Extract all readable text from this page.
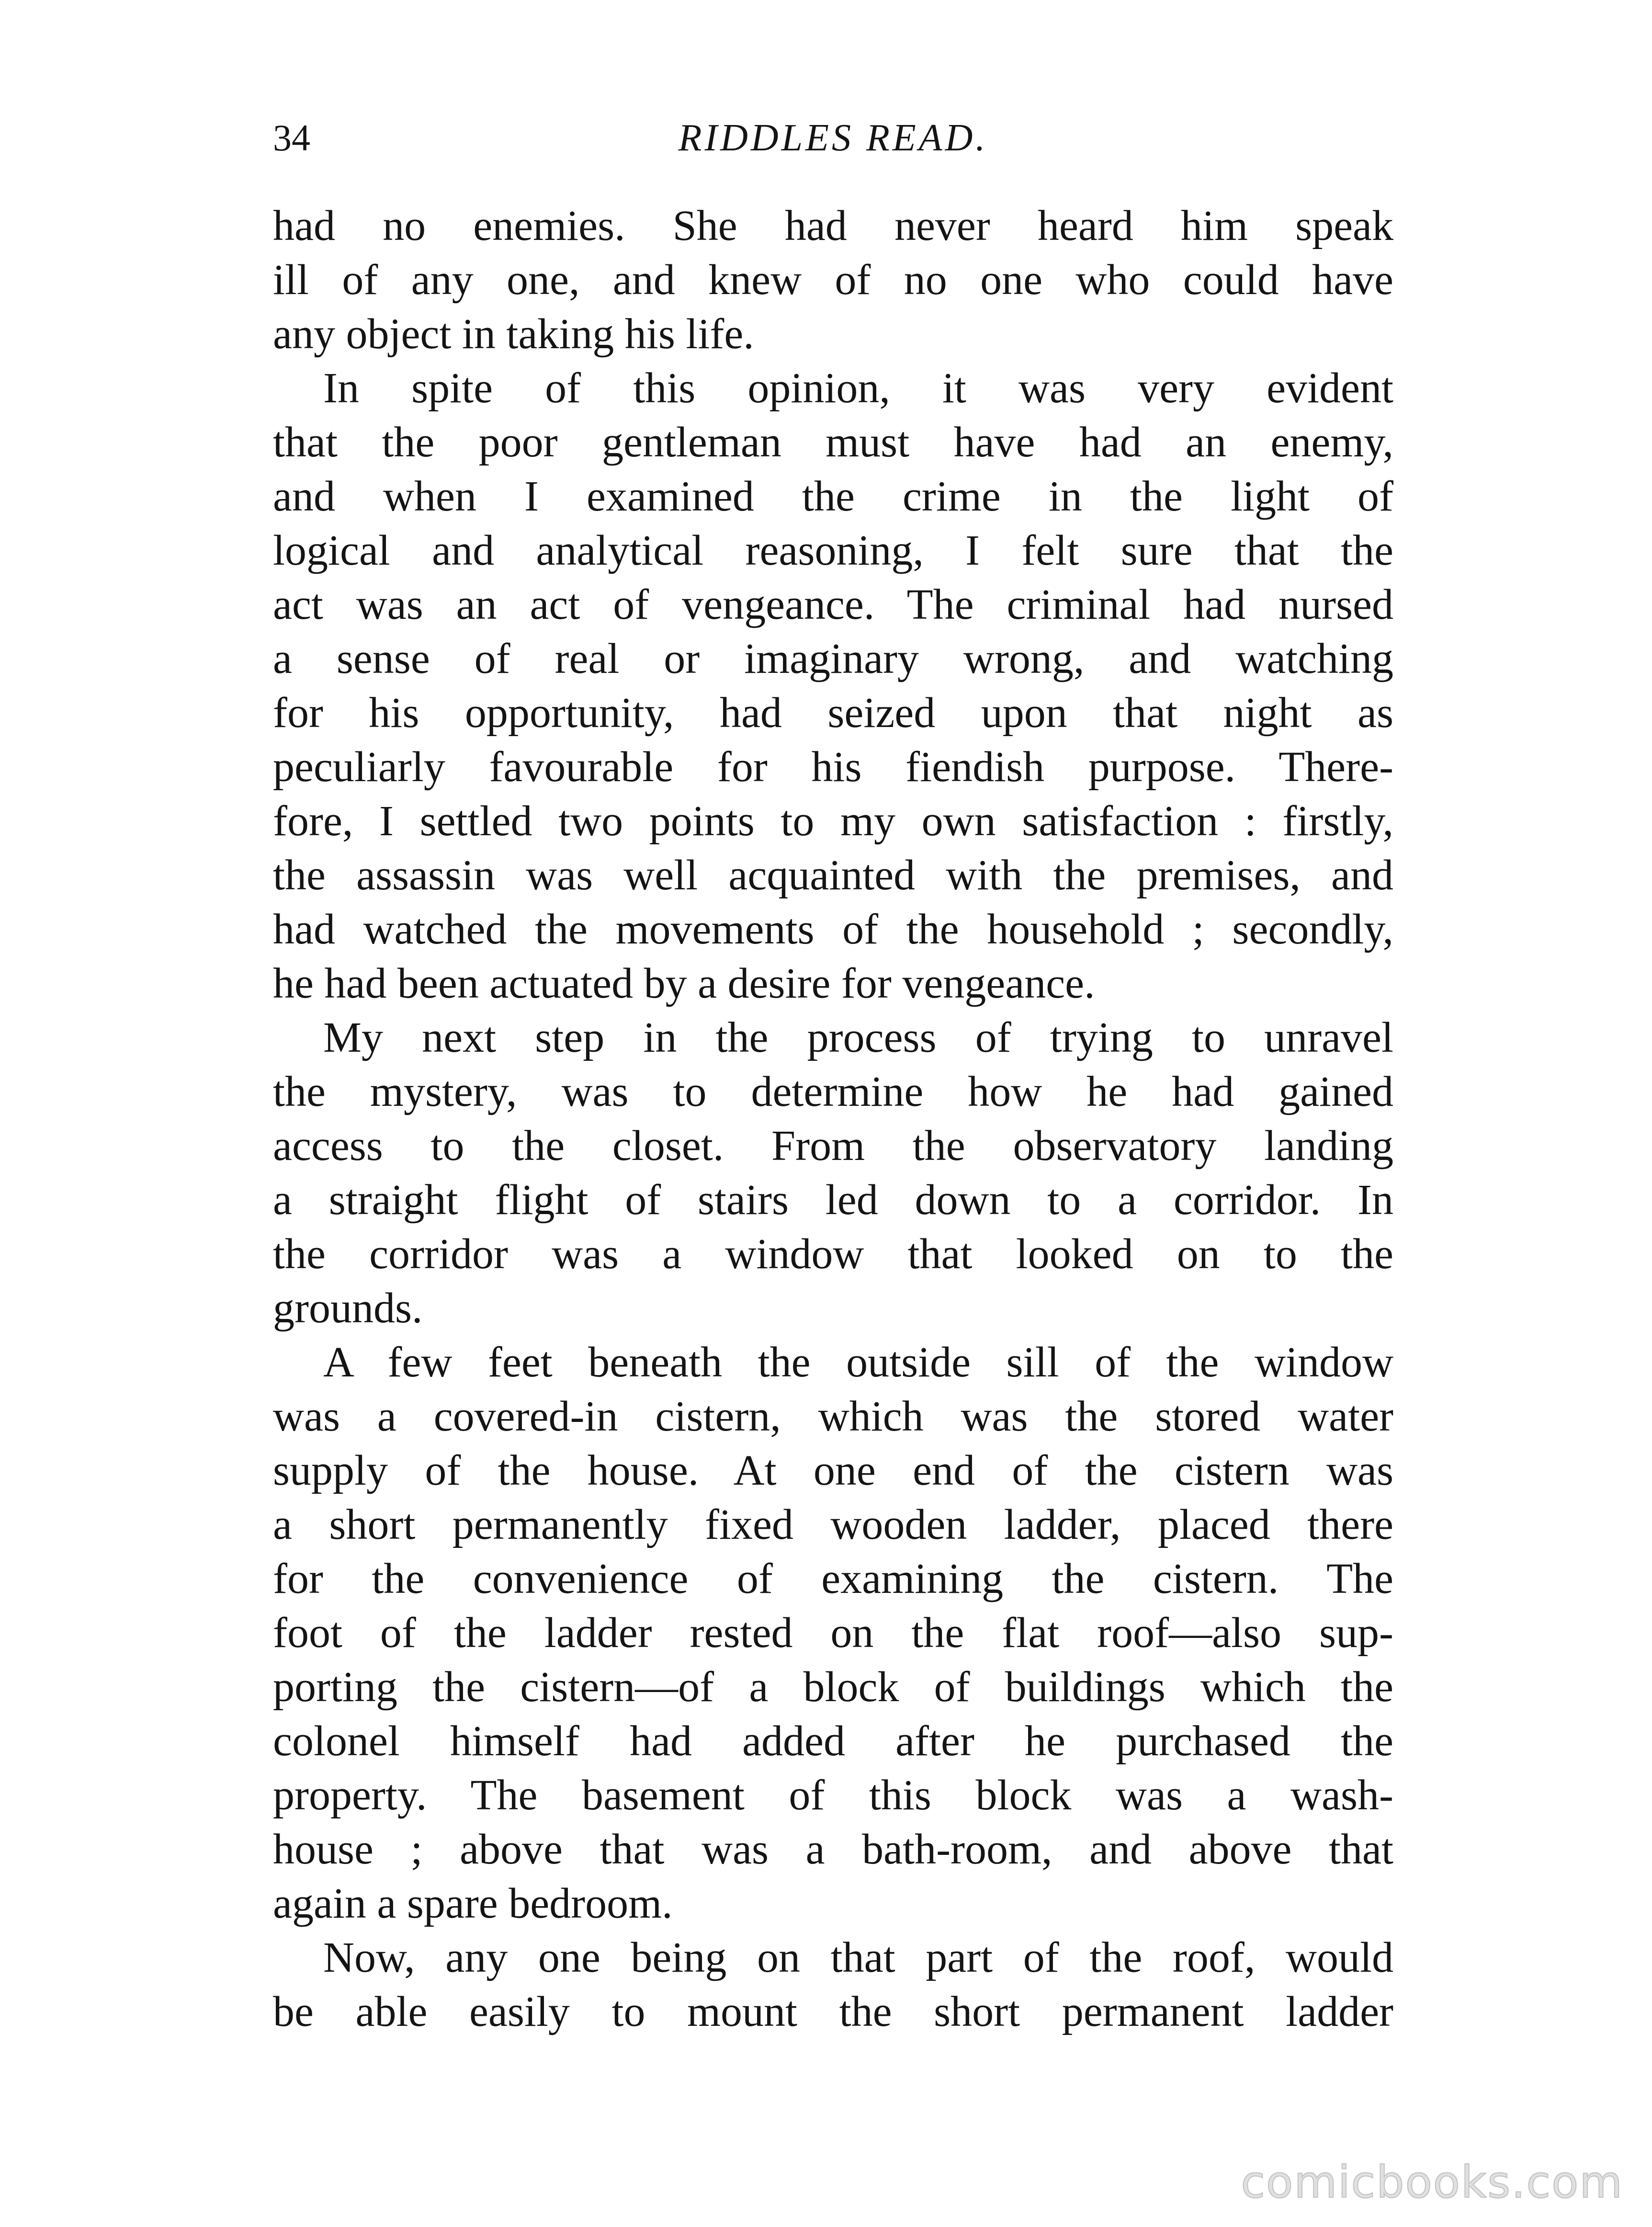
34	RIDDLES READ.
had no enemies. She had never heard him speak
ill of any one, and knew of no one who could have
any object in taking his life.
In spite of this opinion, it was very evident
that the poor gentleman must have had an enemy,
and when I examined the crime in the light of
logical and analytical reasoning, I felt sure that the
act was an act of vengeance. The criminal had nursed
a sense of real or imaginary wrong, and watching
for his opportunity, had seized upon that night as
peculiarly favourable for his fiendish purpose. There-
fore, I settled two points to my own satisfaction : firstly,
the assassin was well acquainted with the premises, and
had watched the movements of the household ; secondly,
he had been actuated by a desire for vengeance.
My next step in the process of trying to unravel
the mystery, was to determine how he had gained
access to the closet. From the observatory landing
a straight flight of stairs led down to a corridor. In
the corridor was a window that looked on to the
grounds.
A few feet beneath the outside sill of the window
was a covered-in cistern, which was the stored water
supply of the house. At one end of the cistern was
a short permanently fixed wooden ladder, placed there
for the convenience of examining the cistern. The
foot of the ladder rested on the flat roof—also sup-
porting the cistern—of a block of buildings which the
colonel himself had added after he purchased the
property. The basement of this block was a wash-
house ; above that was a bath-room, and above that
again a spare bedroom.
Now, any one being on that part of the roof, would
be able easily to mount the short permanent ladder
comicbooks.com
